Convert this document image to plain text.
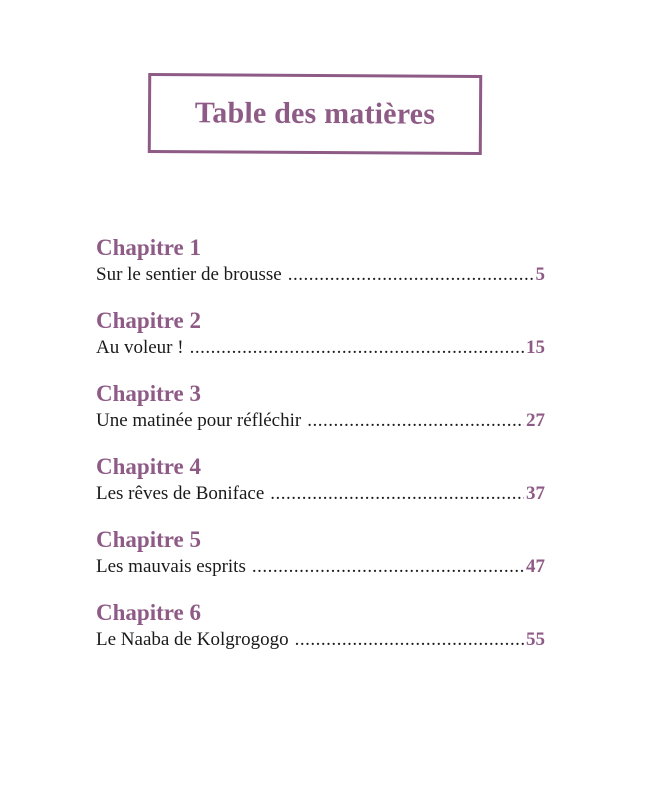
Table des matières
Chapitre 1
Sur le sentier de brousse .....	5
Chapitre 2
Au voleur ! .....	15
Chapitre 3
Une matinée pour réfléchir .....	27
Chapitre 4
Les rêves de Boniface .....	37
Chapitre 5
Les mauvais esprits .....	47
Chapitre 6
Le Naaba de Kolgrogogo .....	55
